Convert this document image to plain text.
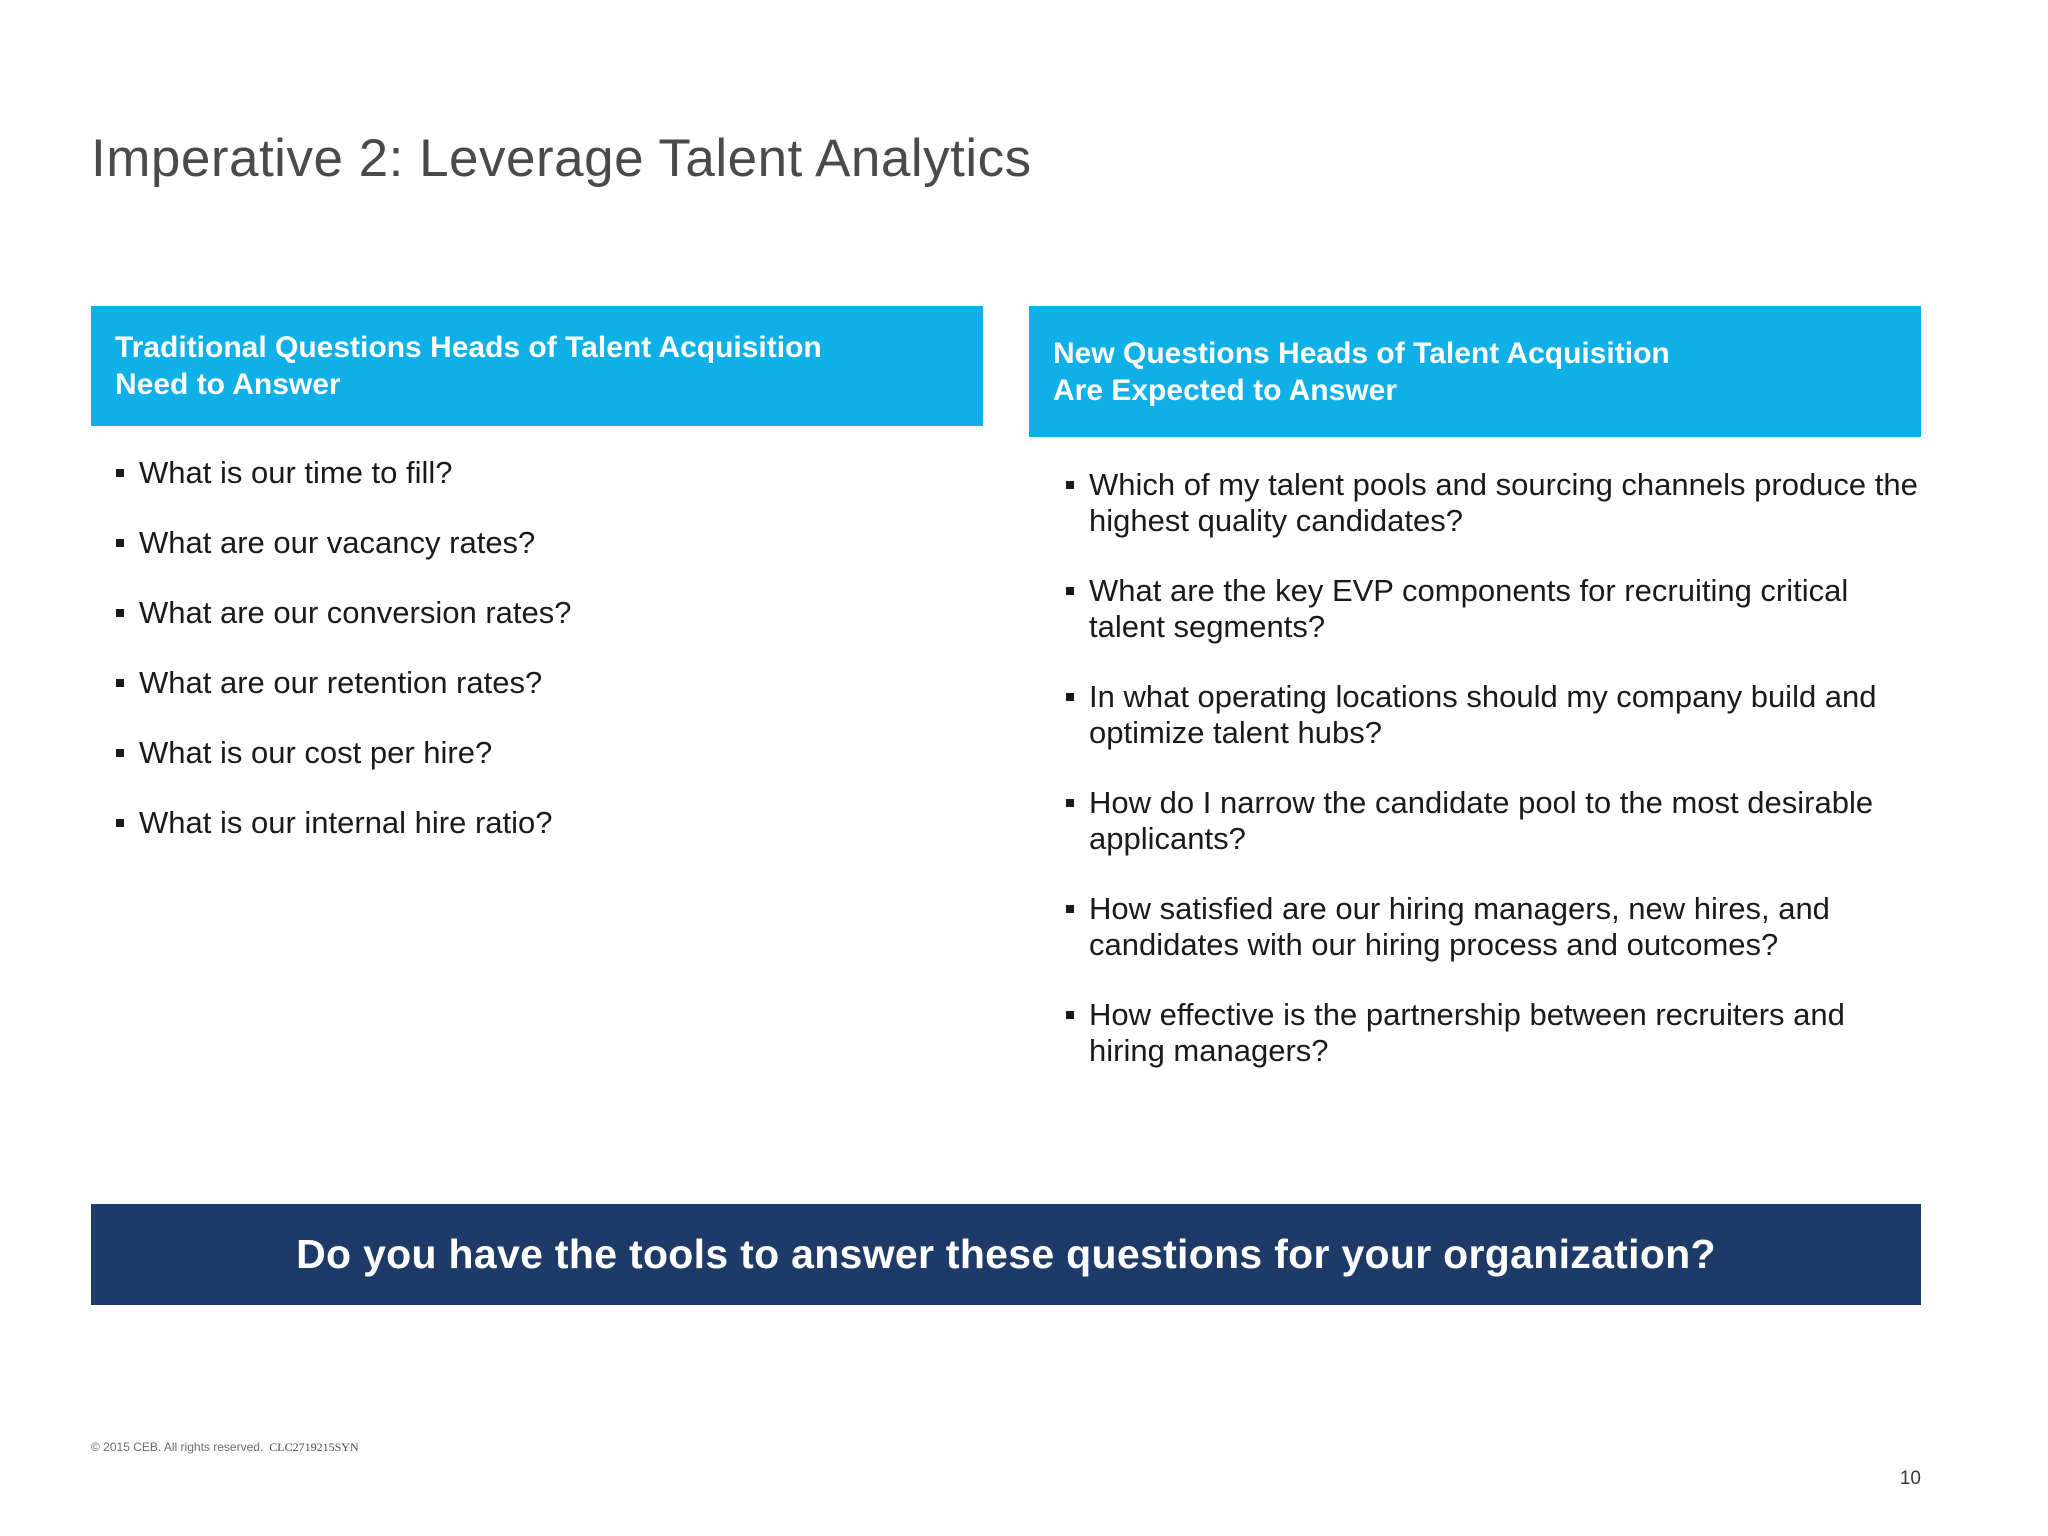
Imperative 2: Leverage Talent Analytics
Traditional Questions Heads of Talent Acquisition
Need to Answer
What is our time to fill?
What are our vacancy rates?
What are our conversion rates?
What are our retention rates?
What is our cost per hire?
What is our internal hire ratio?
New Questions Heads of Talent Acquisition
Are Expected to Answer
Which of my talent pools and sourcing channels produce the highest quality candidates?
What are the key EVP components for recruiting critical talent segments?
In what operating locations should my company build and optimize talent hubs?
How do I narrow the candidate pool to the most desirable applicants?
How satisfied are our hiring managers, new hires, and candidates with our hiring process and outcomes?
How effective is the partnership between recruiters and hiring managers?
Do you have the tools to answer these questions for your organization?
© 2015 CEB. All rights reserved. CLC2719215SYN
10
